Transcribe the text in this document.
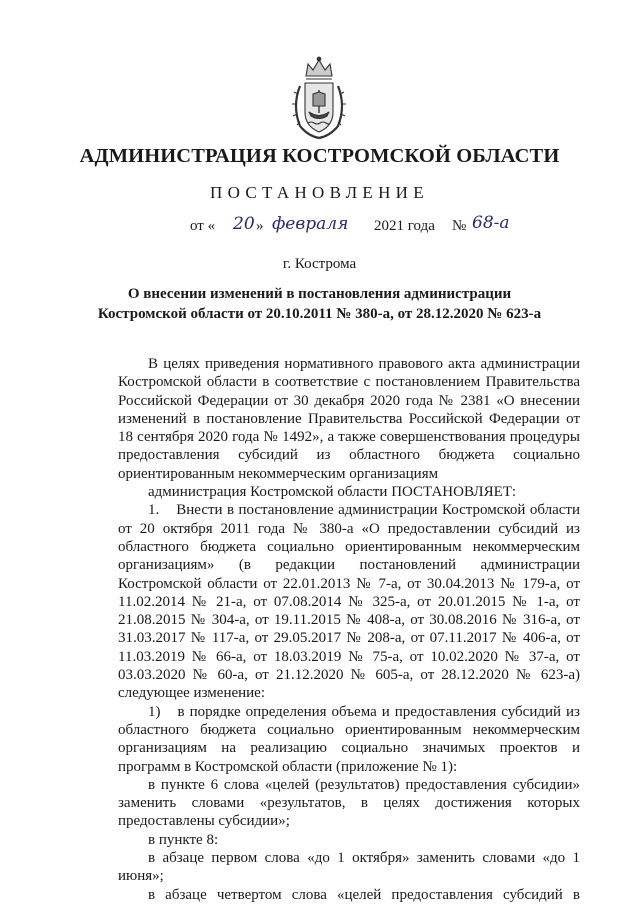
АДМИНИСТРАЦИЯ КОСТРОМСКОЙ ОБЛАСТИ
ПОСТАНОВЛЕНИЕ
от « 20 » февраля 2021 года № 68-а
г. Кострома
О внесении изменений в постановления администрации
Костромской области от 20.10.2011 № 380-а, от 28.12.2020 № 623-а

В целях приведения нормативного правового акта администрации Костромской области в соответствие с постановлением Правительства Российской Федерации от 30 декабря 2020 года № 2381 «О внесении изменений в постановление Правительства Российской Федерации от 18 сентября 2020 года № 1492», а также совершенствования процедуры предоставления субсидий из областного бюджета социально ориентированным некоммерческим организациям

администрация Костромской области ПОСТАНОВЛЯЕТ:

1. Внести в постановление администрации Костромской области от 20 октября 2011 года № 380-а «О предоставлении субсидий из областного бюджета социально ориентированным некоммерческим организациям» (в редакции постановлений администрации Костромской области от 22.01.2013 № 7-а, от 30.04.2013 № 179-а, от 11.02.2014 № 21-а, от 07.08.2014 № 325-а, от 20.01.2015 № 1-а, от 21.08.2015 № 304-а, от 19.11.2015 № 408-а, от 30.08.2016 № 316-а, от 31.03.2017 № 117-а, от 29.05.2017 № 208-а, от 07.11.2017 № 406-а, от 11.03.2019 № 66-а, от 18.03.2019 № 75-а, от 10.02.2020 № 37-а, от 03.03.2020 № 60-а, от 21.12.2020 № 605-а, от 28.12.2020 № 623-а) следующее изменение:

1) в порядке определения объема и предоставления субсидий из областного бюджета социально ориентированным некоммерческим организациям на реализацию социально значимых проектов и программ в Костромской области (приложение № 1):

в пункте 6 слова «целей (результатов) предоставления субсидии» заменить словами «результатов, в целях достижения которых предоставлены субсидии»;

в пункте 8:

в абзаце первом слова «до 1 октября» заменить словами «до 1 июня»;

в абзаце четвертом слова «целей предоставления субсидий в
